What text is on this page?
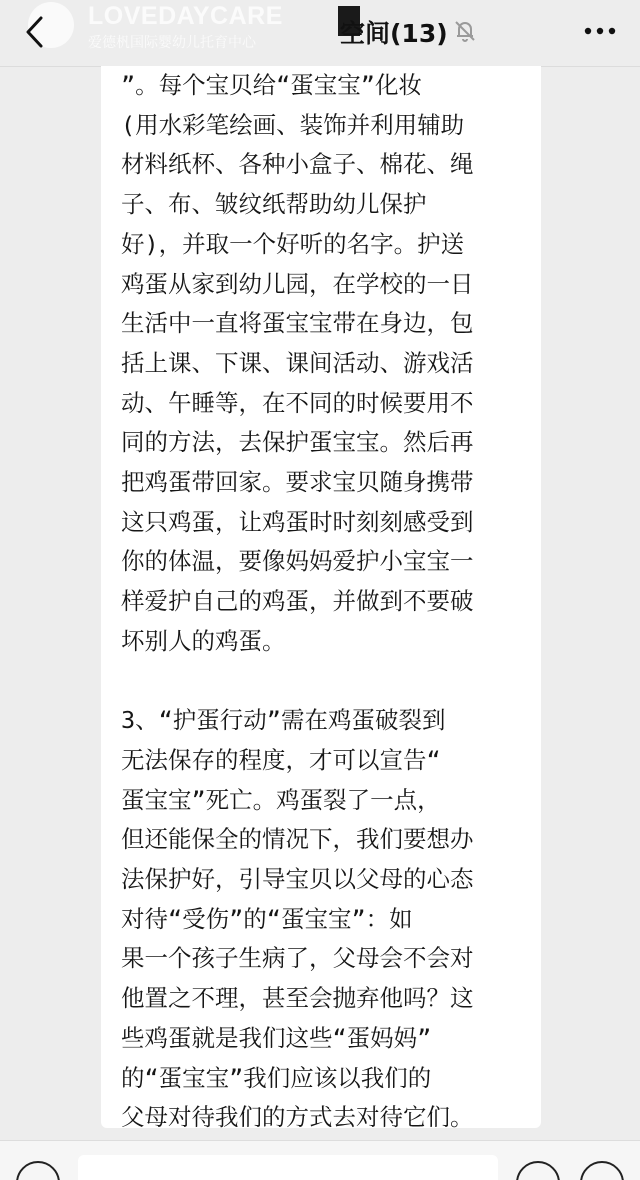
LOVEDAYCARE
爱德杋国际婴幼儿托育中心	空间(13)
”。每个宝贝给“蛋宝宝”化妆
(用水彩笔绘画、装饰并利用辅助
材料纸杯、各种小盒子、棉花、绳
子、布、皱纹纸帮助幼儿保护
好)，并取一个好听的名字。护送
鸡蛋从家到幼儿园，在学校的一日
生活中一直将蛋宝宝带在身边，包
括上课、下课、课间活动、游戏活
动、午睡等，在不同的时候要用不
同的方法，去保护蛋宝宝。然后再
把鸡蛋带回家。要求宝贝随身携带
这只鸡蛋，让鸡蛋时时刻刻感受到
你的体温，要像妈妈爱护小宝宝一
样爱护自己的鸡蛋，并做到不要破
坏别人的鸡蛋。

3、“护蛋行动”需在鸡蛋破裂到
无法保存的程度，才可以宣告“
蛋宝宝”死亡。鸡蛋裂了一点，
但还能保全的情况下，我们要想办
法保护好，引导宝贝以父母的心态
对待“受伤”的“蛋宝宝”：如
果一个孩子生病了，父母会不会对
他置之不理，甚至会抛弃他吗？这
些鸡蛋就是我们这些“蛋妈妈”
的“蛋宝宝”我们应该以我们的
父母对待我们的方式去对待它们。
